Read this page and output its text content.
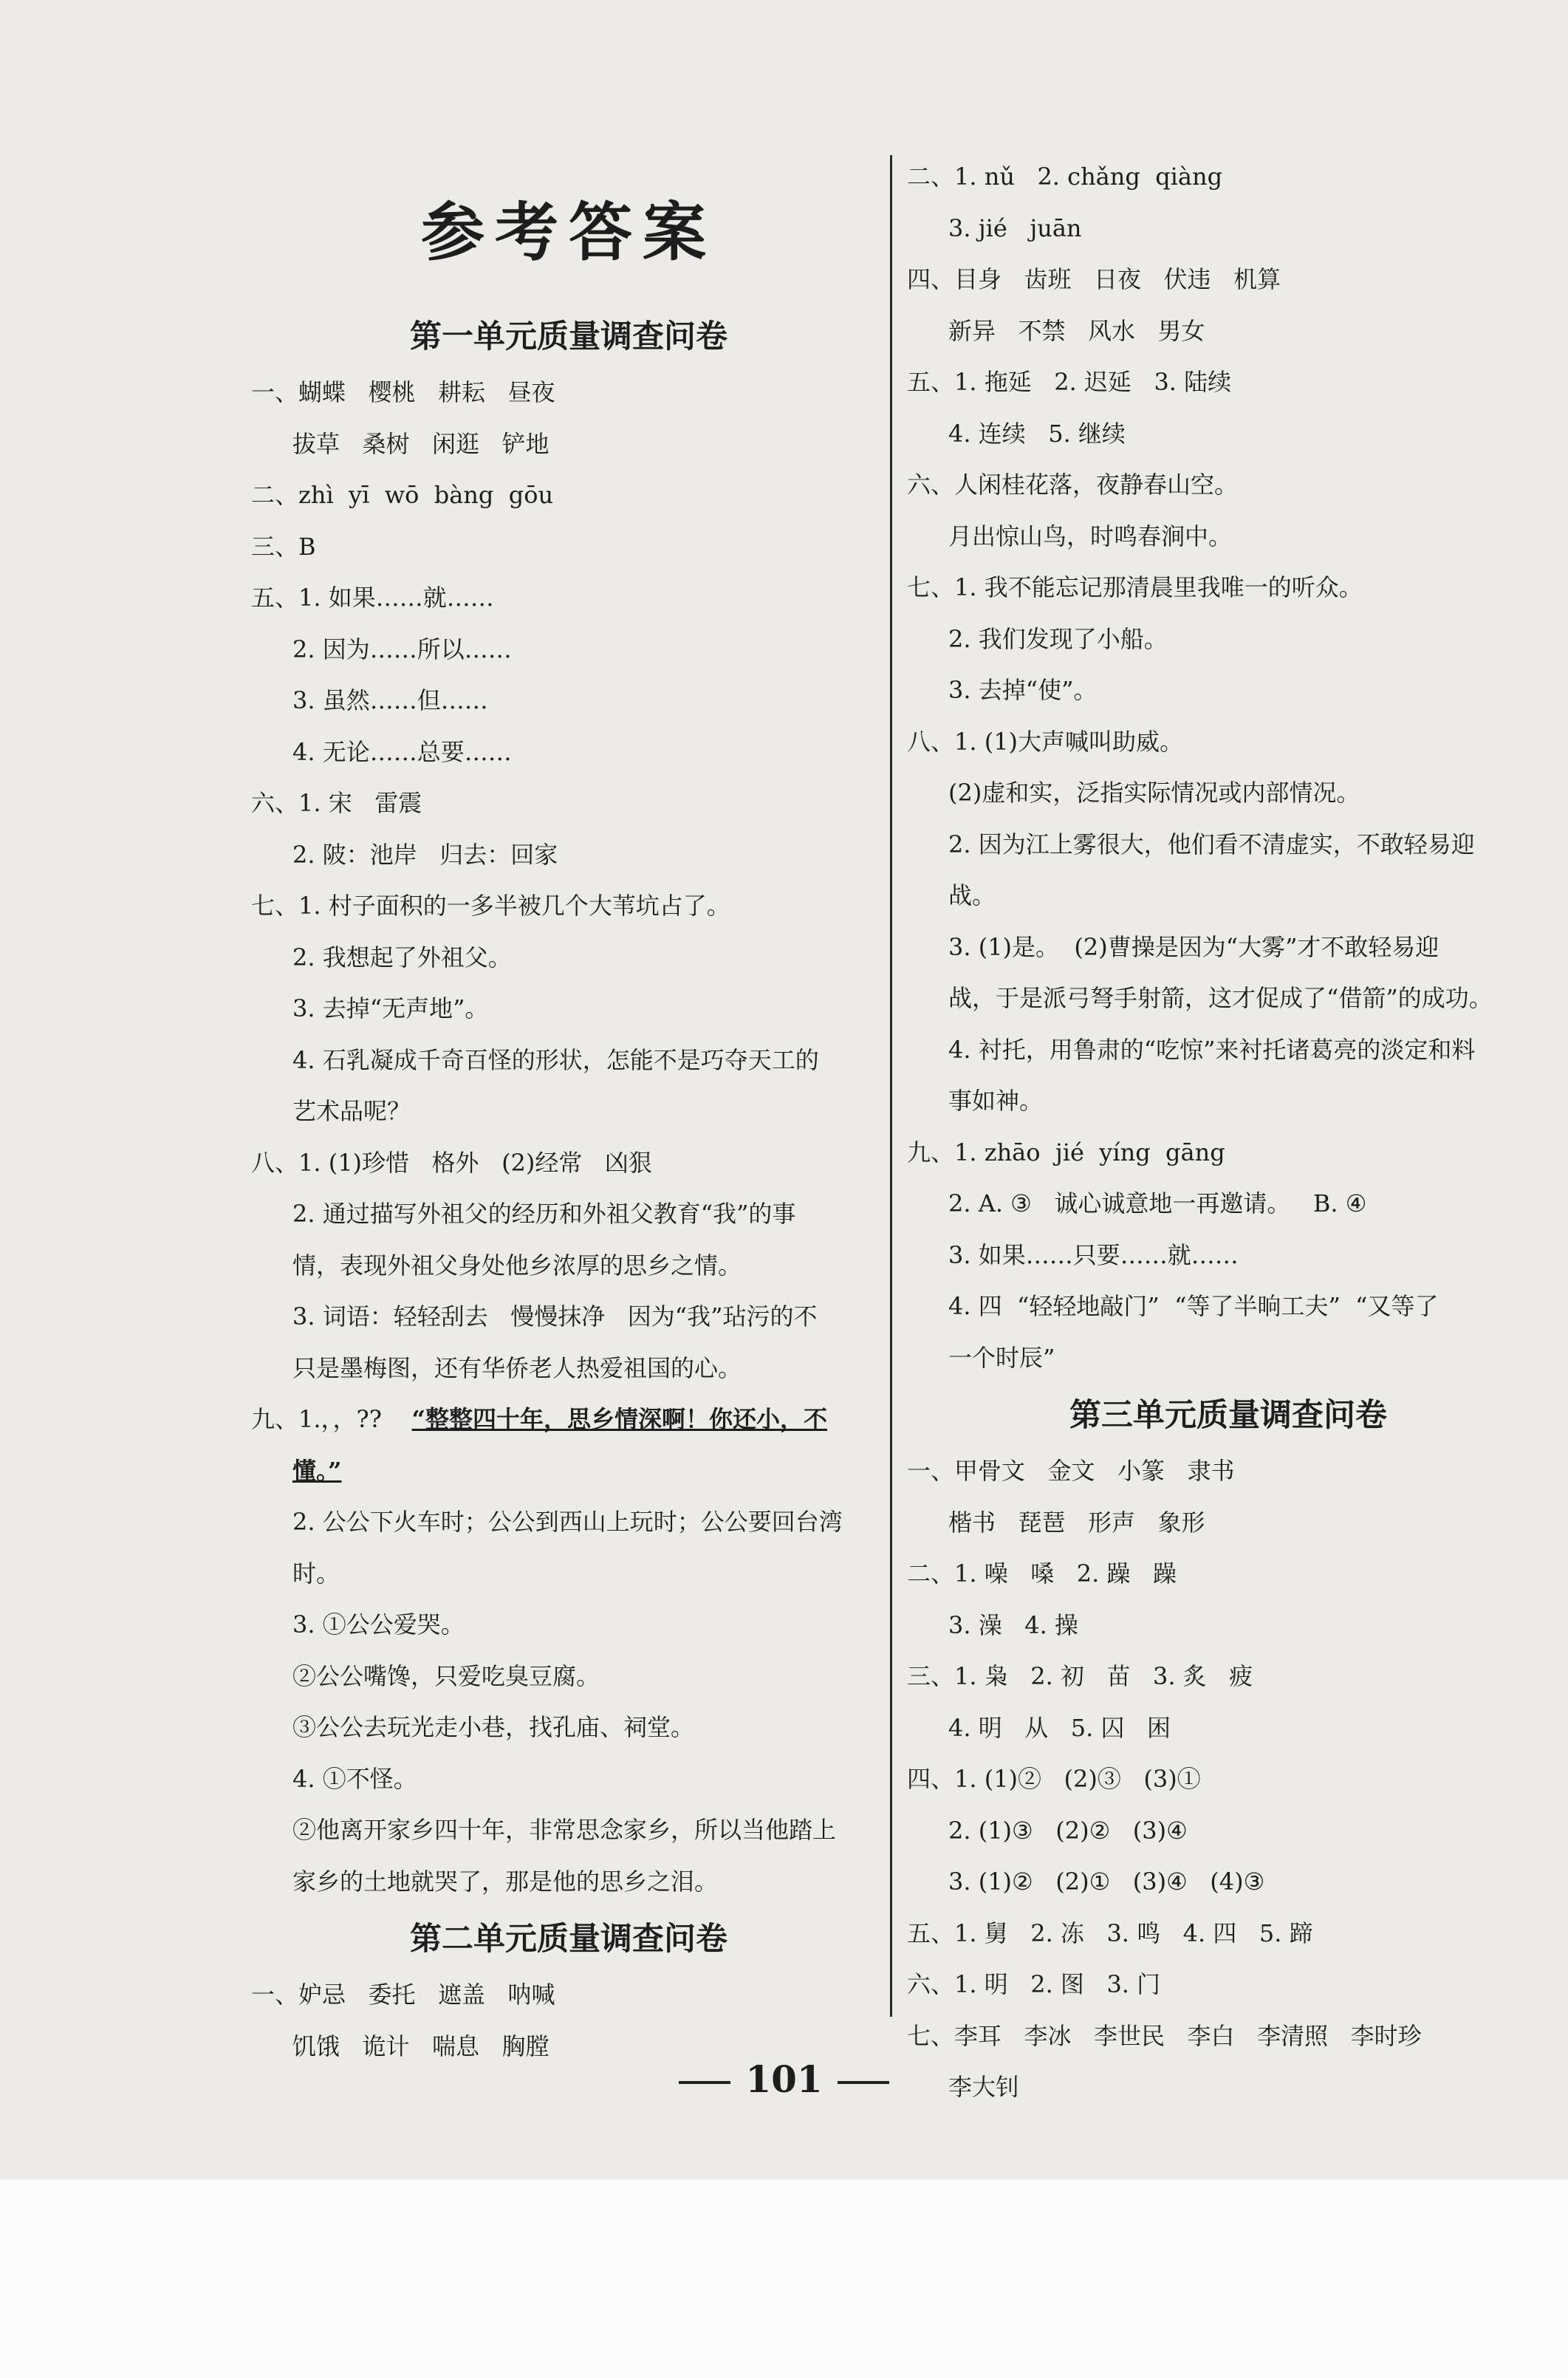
参考答案
第一单元质量调查问卷
一、蝴蝶   樱桃   耕耘   昼夜
拔草   桑树   闲逛   铲地
二、zhì  yī  wō  bàng  gōu
三、B
五、1. 如果……就……
2. 因为……所以……
3. 虽然……但……
4. 无论……总要……
六、1. 宋   雷震
2. 陂：池岸   归去：回家
七、1. 村子面积的一多半被几个大苇坑占了。
2. 我想起了外祖父。
3. 去掉“无声地”。
4. 石乳凝成千奇百怪的形状，怎能不是巧夺天工的
艺术品呢？
八、1. (1)珍惜   格外   (2)经常   凶狠
2. 通过描写外祖父的经历和外祖父教育“我”的事
情，表现外祖父身处他乡浓厚的思乡之情。
3. 词语：轻轻刮去   慢慢抹净   因为“我”玷污的不
只是墨梅图，还有华侨老人热爱祖国的心。
九、1.，，??    “整整四十年，思乡情深啊！你还小，不
懂。”
2. 公公下火车时；公公到西山上玩时；公公要回台湾
时。
3. ①公公爱哭。
②公公嘴馋，只爱吃臭豆腐。
③公公去玩光走小巷，找孔庙、祠堂。
4. ①不怪。
②他离开家乡四十年，非常思念家乡，所以当他踏上
家乡的土地就哭了，那是他的思乡之泪。
第二单元质量调查问卷
一、妒忌   委托   遮盖   呐喊
饥饿   诡计   喘息   胸膛
二、1. nǔ   2. chǎng  qiàng
3. jié   juān
四、目身   齿班   日夜   伏违   机算
新异   不禁   风水   男女
五、1. 拖延   2. 迟延   3. 陆续
4. 连续   5. 继续
六、人闲桂花落，夜静春山空。
月出惊山鸟，时鸣春涧中。
七、1. 我不能忘记那清晨里我唯一的听众。
2. 我们发现了小船。
3. 去掉“使”。
八、1. (1)大声喊叫助威。
(2)虚和实，泛指实际情况或内部情况。
2. 因为江上雾很大，他们看不清虚实，不敢轻易迎
战。
3. (1)是。  (2)曹操是因为“大雾”才不敢轻易迎
战，于是派弓弩手射箭，这才促成了“借箭”的成功。
4. 衬托，用鲁肃的“吃惊”来衬托诸葛亮的淡定和料
事如神。
九、1. zhāo  jié  yíng  gāng
2. A. ③   诚心诚意地一再邀请。   B. ④
3. 如果……只要……就……
4. 四  “轻轻地敲门”  “等了半晌工夫”  “又等了
一个时辰”
第三单元质量调查问卷
一、甲骨文   金文   小篆   隶书
楷书   琵琶   形声   象形
二、1. 噪   嗓   2. 躁   躁
3. 澡   4. 操
三、1. 枭   2. 初   苗   3. 炙   疲
4. 明   从   5. 囚   困
四、1. (1)②   (2)③   (3)①
2. (1)③   (2)②   (3)④
3. (1)②   (2)①   (3)④   (4)③
五、1. 舅   2. 冻   3. 鸣   4. 四   5. 蹄
六、1. 明   2. 图   3. 门
七、李耳   李冰   李世民   李白   李清照   李时珍
李大钊
101
